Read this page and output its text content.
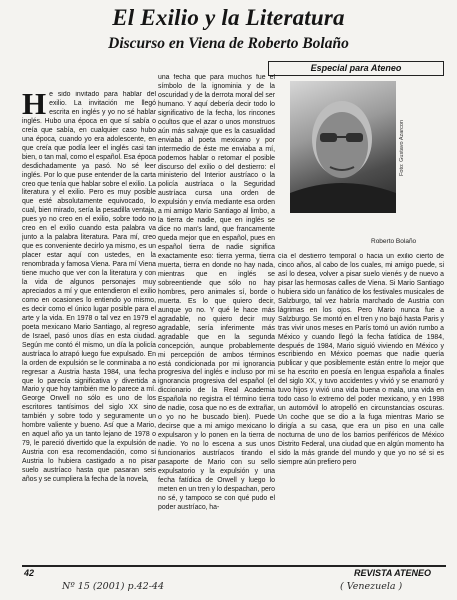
El Exilio y la Literatura
Discurso en Viena de Roberto Bolaño
Especial para Ateneo

He sido invitado para hablar del exilio. La invitación me llegó escrita en inglés y yo no sé hablar inglés. Hubo una época en que sí sabía o creía que sabía, en cualquier caso hubo una época, cuando yo era adolescente, en que creía que podía leer el inglés casi tan bien, o tan mal, como el español. Esa época desdichadamente ya pasó. No sé leer inglés. Por lo que puse entender de la carta creo que tenía que hablar sobre el exilio. La literatura y el exilio. Pero es muy posible que esté absolutamente equivocado, lo cual, bien mirado, sería la pesadilla ventaja, pues yo no creo en el exilio, sobre todo no creo en el exilio cuando esta palabra va junto a la palabra literatura. Para mí, creo que es conveniente decirlo ya mismo, es un placer estar aquí con ustedes, en la renombrada y famosa Viena. Para mí Viena tiene mucho que ver con la literatura y con la vida de algunos personajes muy apreciados a mí y que entendieron el exilio como en ocasiones lo entiendo yo mismo, es decir como el único lugar posible para el arte y la vida. En 1978 o tal vez en 1979 el poeta mexicano Mario Santiago, al regreso de Israel, pasó unos días en esta ciudad. Según me contó él mismo, un día la policía austríaca lo atrapó luego fue expulsado. En la orden de expulsión se le conminaba a no regresar a Austria hasta 1984, una fecha que lo parecía significativa y divertida a Mario y que hoy también me lo parece a mí. George Orwell no sólo es uno de los escritores tantísimos del siglo XX sino también y sobre todo y seguramente un hombre valiente y bueno. Así que a Mario, en aquel año ya un tanto lejano de 1978 o 79, le pareció divertido que la expulsión de Austria con esa recomendación, como si Austria lo hubiera castigado a no pisar suelo austríaco hasta que pasaran seis años y se cumpliera la fecha de la novela,

una fecha que para muchos fue el símbolo de la ignominia y de la oscuridad y de la derrota moral del ser humano. Y aquí debería decir todo lo significativo de la fecha, los rincones ocultos que el azar o unos monstruos aún más salvaje que es la casualidad enviaba al poeta mexicano y por intermedio de éste me enviaba a mí, podemos hablar o retomar el posible discurso del exilio o del destierro: el ministerio del Interior austríaco o la policía austríaca o la Seguridad austríaca cursa una orden de expulsión y envía mediante esa orden a mi amigo Mario Santiago al limbo, a la tierra de nadie, que en inglés se dice no man's land, que francamente queda mejor que en español, pues en español tierra de nadie significa exactamente eso: tierra yerma, tierra muerta, tierra en donde no hay nada, mientras que en inglés se sobreentiende que sólo no hay hombres, pero animales sí, borde o muerta. Es lo que quiero decir, aunque yo no. Y qué le hace más agradable, no quiero decir muy agradable, sería inferimente más agradable que en la segunda concepción, aunque probablemente mi percepción de ambos términos está condicionada por mi ignorancia progresiva del inglés e incluso por mi ignorancia progresiva del español (el diccionario de la Real Academia Española no registra el término tierra de nadie, cosa que no es de extrañar, o yo no he buscado bien). Puede decirse que a mi amigo mexicano lo expulsaron y lo ponen en la tierra de nadie. Yo no lo escena a sus unos funcionarios austríacos tirando el pasaporte de Mario con su sello expulsatorio y la expulsión y una fecha fatídica de Orwell y luego lo meten en un tren y lo despachan, pero no sé, y tampoco se con qué pudo el poder austríaco, ha-

Foto: Gustavo Azarcon
Roberto Bolaño

cía el destierro temporal o hacia un exilio cierto de cinco años, al cabo de los cuales, mi amigo puede, si así lo desea, volver a pisar suelo vienés y de nuevo a pisar las hermosas calles de Viena. Si Mario Santiago hubiera sido un fanático de los festivales musicales de Salzburgo, tal vez habría marchado de Austria con lágrimas en los ojos. Pero Mario nunca fue a Salzburgo. Se montó en el tren y no bajó hasta Paris y tras vivir unos meses en París tomó un avión rumbo a México y cuando llegó la fecha fatídica de 1984, después de 1984, Mario siguió viviendo en México y escribiendo en México poemas que nadie quería publicar y que posiblemente están entre lo mejor que se ha escrito en poesía en lengua española a finales del siglo XX, y tuvo accidentes y vivió y se enamoró y tuvo hijos y vivió una vida buena o mala, una vida en todo caso lo extremo del poder mexicano, y en 1998 un automóvil lo atropelló en circunstancias oscuras. Un coche que se dio a la fuga mientras Mario se dirigía a su casa, que era un piso en una calle nocturna de uno de los barrios periféricos de México Distrito Federal, una ciudad que en algún momento ha sido la más grande del mundo y que yo no sé si es siempre aún prefiero pero

42	REVISTA ATENEO
Nº 15 (2001) p.42-44	( Venezuela )
